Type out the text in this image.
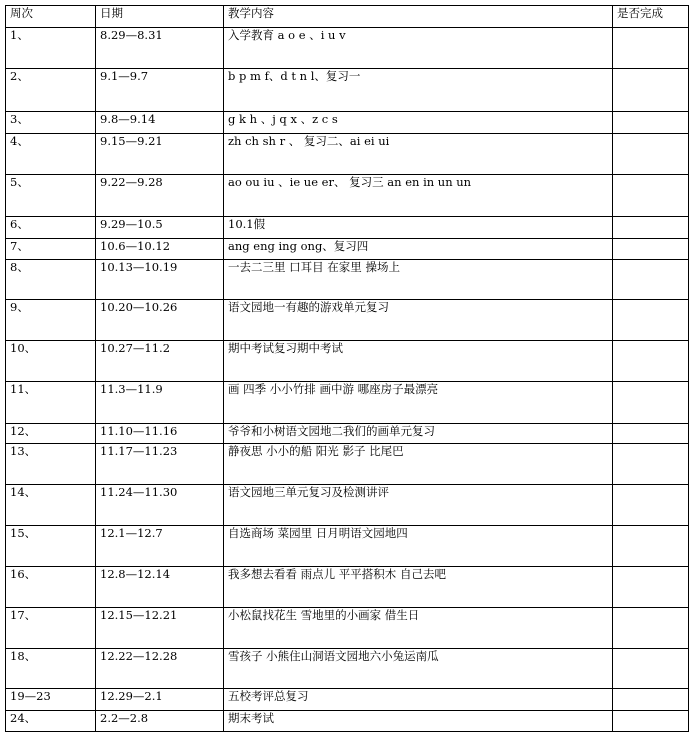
周次	日期	教学内容	是否完成
1、	8.29—8.31	入学教育 a o e 、i u v	
2、	9.1—9.7	b p m f、d t n l、复习一	
3、	9.8—9.14	g k h 、j q x 、z c s	
4、	9.15—9.21	zh ch sh r 、 复习二、ai ei ui	
5、	9.22—9.28	ao ou iu 、ie ue er、 复习三 an en in un un	
6、	9.29—10.5	10.1假	
7、	10.6—10.12	ang eng ing ong、复习四	
8、	10.13—10.19	一去二三里 口耳目 在家里 操场上	
9、	10.20—10.26	语文园地一有趣的游戏单元复习	
10、	10.27—11.2	期中考试复习期中考试	
11、	11.3—11.9	画 四季 小小竹排 画中游 哪座房子最漂亮	
12、	11.10—11.16	爷爷和小树语文园地二我们的画单元复习	
13、	11.17—11.23	静夜思 小小的船 阳光 影子 比尾巴	
14、	11.24—11.30	语文园地三单元复习及检测讲评	
15、	12.1—12.7	自选商场 菜园里 日月明语文园地四	
16、	12.8—12.14	我多想去看看 雨点儿 平平搭积木 自己去吧	
17、	12.15—12.21	小松鼠找花生 雪地里的小画家 借生日	
18、	12.22—12.28	雪孩子 小熊住山洞语文园地六小兔运南瓜	
19—23	12.29—2.1	五校考评总复习	
24、	2.2—2.8	期末考试	
